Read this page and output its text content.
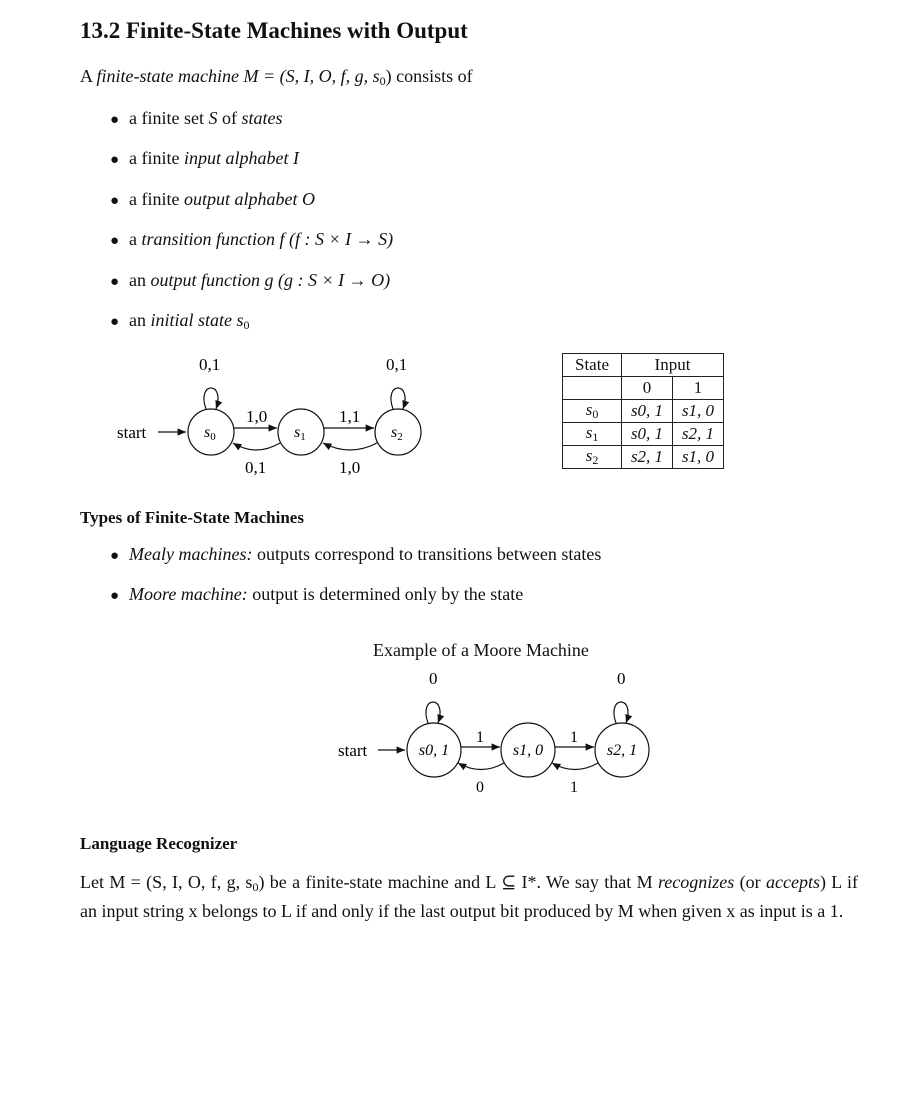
13.2 Finite-State Machines with Output
A finite-state machine M = (S, I, O, f, g, $s_0$) consists of
● a finite set S of states
● a finite input alphabet I
● a finite output alphabet O
● a transition function f (f : S × I → S)
● an output function g (g : S × I → O)
● an initial state $s_0$
start	s0	s1	s2
0,1	0,1
1,0
0,1
1,1
1,0
State	Input	
	0	1
$s_0$	s0, 1	s1, 0
$s_1$	s0, 1	s2, 1
$s_2$	s2, 1	s1, 0
Types of Finite-State Machines
● Mealy machines: outputs correspond to transitions between states
● Moore machine: output is determined only by the state
Example of a Moore Machine
start	s0, 1	s1, 0	s2, 1
0	0
1
0
1
1
Language Recognizer
Let M = (S, I, O, f, g, $s_0$) be a finite-state machine and L ⊆ I*. We say that M recognizes (or accepts) L if an input string x belongs to L if and only if the last output bit produced by M when given x as input is a 1.
